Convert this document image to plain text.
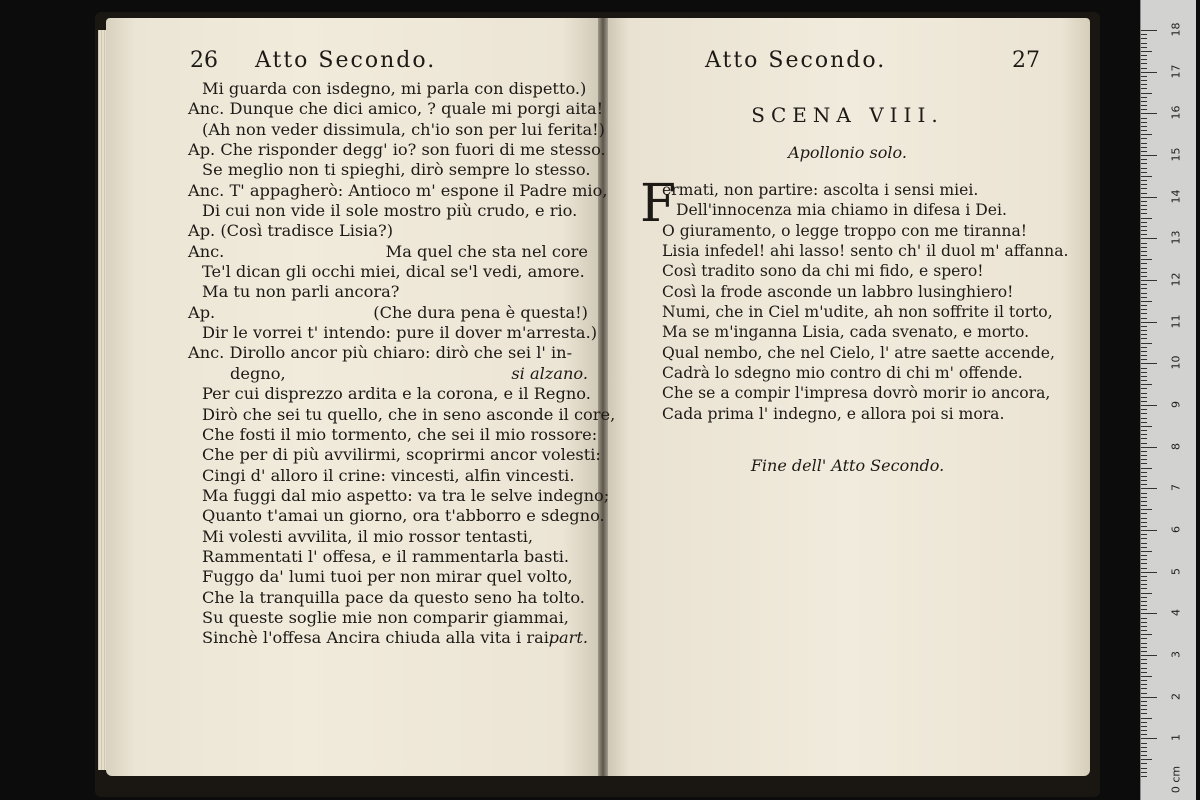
26 Atto Secondo.
Mi guarda con isdegno, mi parla con dispetto.)
Anc. Dunque che dici amico, ? quale mi porgi aita!
(Ah non veder dissimula, ch'io son per lui ferita!)
Ap. Che risponder degg' io? son fuori di me stesso.
Se meglio non ti spieghi, dirò sempre lo stesso.
Anc. T' appagherò: Antioco m' espone il Padre mio,
Di cui non vide il sole mostro più crudo, e rio.
Ap. (Così tradisce Lisia?)
Anc.	Ma quel che sta nel core
Te'l dican gli occhi miei, dical se'l vedi, amore.
Ma tu non parli ancora?
Ap.	(Che dura pena è questa!)
Dir le vorrei t' intendo: pure il dover m'arresta.)
Anc. Dirollo ancor più chiaro: dirò che sei l' in-
degno,	si alzano.
Per cui disprezzo ardita e la corona, e il Regno.
Dirò che sei tu quello, che in seno asconde il core,
Che fosti il mio tormento, che sei il mio rossore:
Che per di più avvilirmi, scoprirmi ancor volesti:
Cingi d' alloro il crine: vincesti, alfin vincesti.
Ma fuggi dal mio aspetto: va tra le selve indegno;
Quanto t'amai un giorno, ora t'abborro e sdegno.
Mi volesti avvilita, il mio rossor tentasti,
Rammentati l' offesa, e il rammentarla basti.
Fuggo da' lumi tuoi per non mirar quel volto,
Che la tranquilla pace da questo seno ha tolto.
Su queste soglie mie non comparir giammai,
Sinchè l'offesa Ancira chiuda alla vita i rai.
part.
Atto Secondo.	27
SCENA VIII.
Apollonio solo.
F
ermati, non partire: ascolta i sensi miei.
Dell'innocenza mia chiamo in difesa i Dei.
O giuramento, o legge troppo con me tiranna!
Lisia infedel! ahi lasso! sento ch' il duol m' affanna.
Così tradito sono da chi mi fido, e spero!
Così la frode asconde un labbro lusinghiero!
Numi, che in Ciel m'udite, ah non soffrite il torto,
Ma se m'inganna Lisia, cada svenato, e morto.
Qual nembo, che nel Cielo, l' atre saette accende,
Cadrà lo sdegno mio contro di chi m' offende.
Che se a compir l'impresa dovrò morir io ancora,
Cada prima l' indegno, e allora poi si mora.
Fine dell' Atto Secondo.

18
17
16
15
14
13
12
11
10
9
8
7
6
5
4
3
2
1
0 cm
